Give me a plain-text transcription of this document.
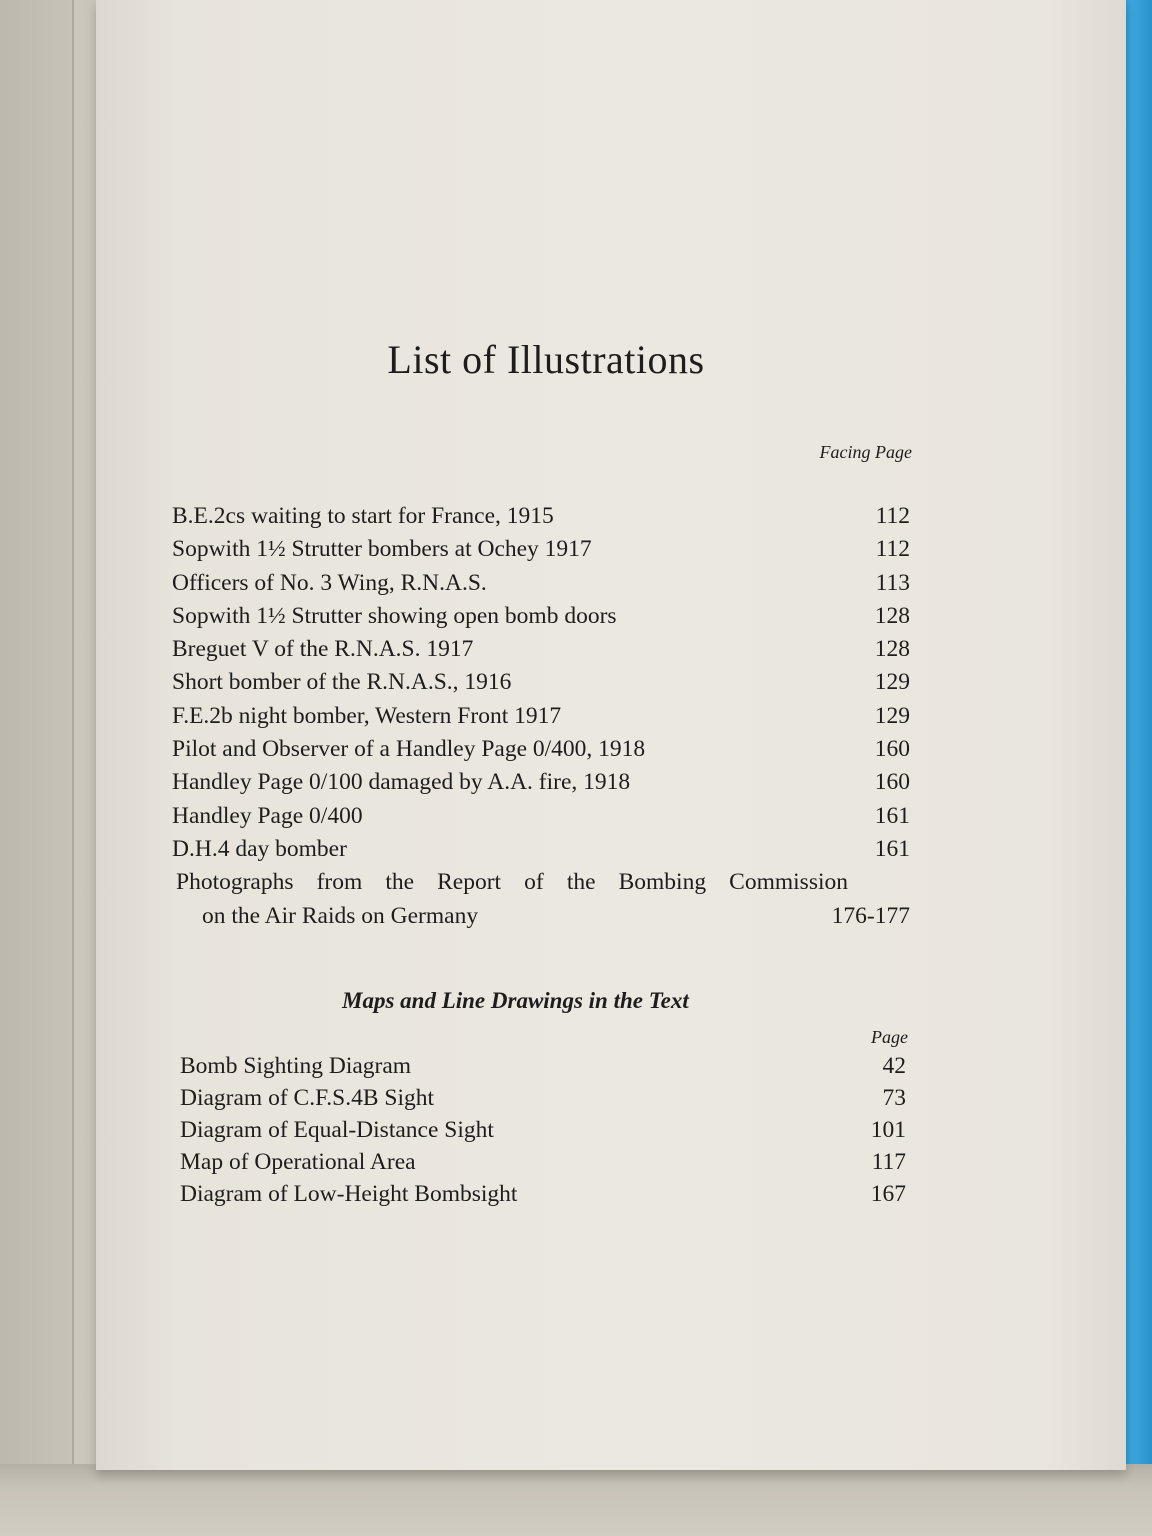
List of Illustrations

Facing Page

B.E.2cs waiting to start for France, 1915	112
Sopwith 1½ Strutter bombers at Ochey 1917	112
Officers of No. 3 Wing, R.N.A.S.	113
Sopwith 1½ Strutter showing open bomb doors	128
Breguet V of the R.N.A.S. 1917	128
Short bomber of the R.N.A.S., 1916	129
F.E.2b night bomber, Western Front 1917	129
Pilot and Observer of a Handley Page 0/400, 1918	160
Handley Page 0/100 damaged by A.A. fire, 1918	160
Handley Page 0/400	161
D.H.4 day bomber	161
Photographs from the Report of the Bombing Commission
on the Air Raids on Germany	176-177
Maps and Line Drawings in the Text

Page

Bomb Sighting Diagram	42
Diagram of C.F.S.4B Sight	73
Diagram of Equal-Distance Sight	101
Map of Operational Area	117
Diagram of Low-Height Bombsight	167
